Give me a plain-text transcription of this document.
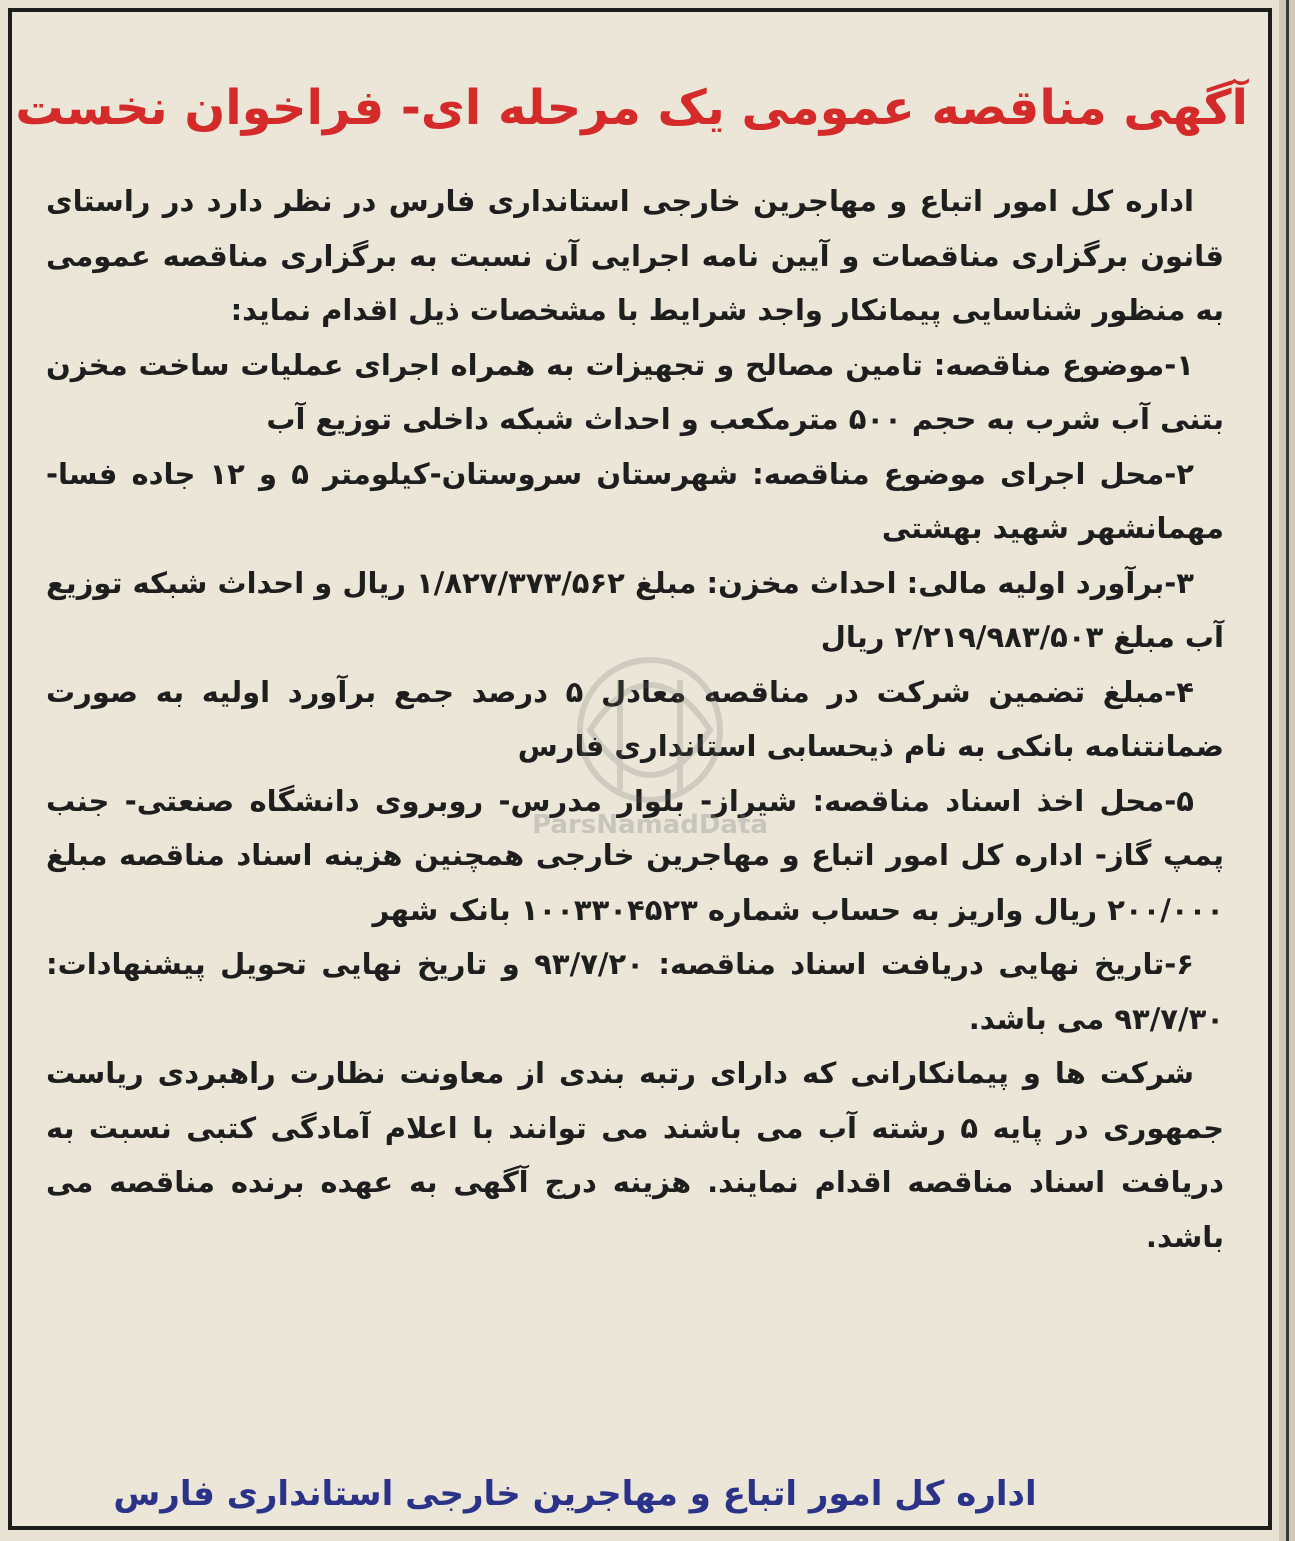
آگهی مناقصه عمومی یک مرحله ای- فراخوان نخست

اداره کل امور اتباع و مهاجرین خارجی استانداری فارس در نظر دارد در راستای قانون برگزاری مناقصات و آیین نامه اجرایی آن نسبت به برگزاری مناقصه عمومی به منظور شناسایی پیمانکار واجد شرایط با مشخصات ذیل اقدام نماید:

۱-موضوع مناقصه: تامین مصالح و تجهیزات به همراه اجرای عملیات ساخت مخزن بتنی آب شرب به حجم ۵۰۰ مترمکعب و احداث شبکه داخلی توزیع آب

۲-محل اجرای موضوع مناقصه: شهرستان سروستان-کیلومتر ۵ و ۱۲ جاده فسا-مهمانشهر شهید بهشتی

۳-برآورد اولیه مالی: احداث مخزن: مبلغ ۱/۸۲۷/۳۷۳/۵۶۲ ریال و احداث شبکه توزیع آب مبلغ ۲/۲۱۹/۹۸۳/۵۰۳ ریال

۴-مبلغ تضمین شرکت در مناقصه معادل ۵ درصد جمع برآورد اولیه به صورت ضمانتنامه بانکی به نام ذیحسابی استانداری فارس

۵-محل اخذ اسناد مناقصه: شیراز- بلوار مدرس- روبروی دانشگاه صنعتی- جنب پمپ گاز- اداره کل امور اتباع و مهاجرین خارجی همچنین هزینه اسناد مناقصه مبلغ ۲۰۰/۰۰۰ ریال واریز به حساب شماره ۱۰۰۳۳۰۴۵۲۳ بانک شهر

۶-تاریخ نهایی دریافت اسناد مناقصه: ۹۳/۷/۲۰ و تاریخ نهایی تحویل پیشنهادات: ۹۳/۷/۳۰ می باشد.

شرکت ها و پیمانکارانی که دارای رتبه بندی از معاونت نظارت راهبردی ریاست جمهوری در پایه ۵ رشته آب می باشند می توانند با اعلام آمادگی کتبی نسبت به دریافت اسناد مناقصه اقدام نمایند. هزینه درج آگهی به عهده برنده مناقصه می باشد.

اداره کل امور اتباع و مهاجرین خارجی استانداری فارس
ParsNamadData
